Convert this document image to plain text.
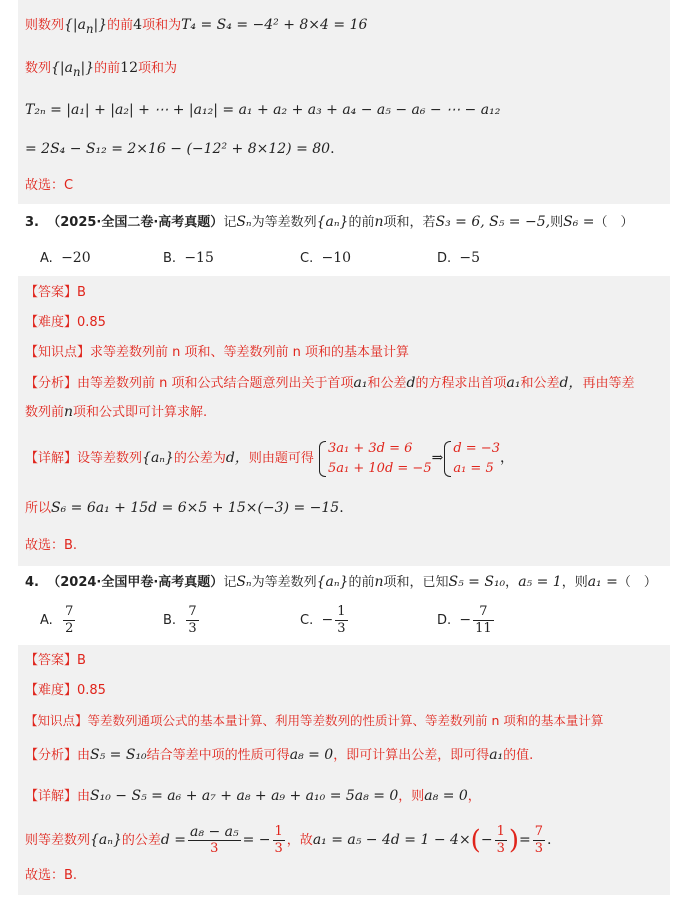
则数列$\{|a_n|\}$的前4项和为T₄ = S₄ = −4² + 8×4 = 16
数列$\{|a_n|\}$的前12项和为
T₂ₙ = |a₁| + |a₂| + ⋯ + |a₁₂| = a₁ + a₂ + a₃ + a₄ − a₅ − a₆ − ⋯ − a₁₂
= 2S₄ − S₁₂ = 2×16 − (−12² + 8×12) = 80.
故选：C
3. （2025·全国二卷·高考真题）记Sₙ为等差数列{aₙ}的前n项和，若S₃ = 6, S₅ = −5,则S₆ =（　）
A. −20	B. −15	C. −10	D. −5
【答案】B
【难度】0.85
【知识点】求等差数列前 n 项和、等差数列前 n 项和的基本量计算
【分析】由等差数列前 n 项和公式结合题意列出关于首项a₁和公差d的方程求出首项a₁和公差d，再由等差
数列前n项和公式即可计算求解.
【详解】设等差数列{aₙ}的公差为d，则由题可得
3a₁ + 3d = 6
5a₁ + 10d = −5
⇒
d = −3
a₁ = 5
，
所以S₆ = 6a₁ + 15d = 6×5 + 15×(−3) = −15.
故选：B.
4. （2024·全国甲卷·高考真题）记Sₙ为等差数列{aₙ}的前n项和，已知S₅ = S₁₀，a₅ = 1，则a₁ =（　）
A. $\frac{7}{2}$	B. $\frac{7}{3}$	C. − $\frac{1}{3}$	D. − $\frac{7}{11}$
【答案】B
【难度】0.85
【知识点】等差数列通项公式的基本量计算、利用等差数列的性质计算、等差数列前 n 项和的基本量计算
【分析】由S₅ = S₁₀结合等差中项的性质可得a₈ = 0，即可计算出公差，即可得a₁的值.
【详解】由S₁₀ − S₅ = a₆ + a₇ + a₈ + a₉ + a₁₀ = 5a₈ = 0，则a₈ = 0，
则等差数列{aₙ}的公差$d = \frac{\text{a₈ − a₅}}{3}$ = − $\frac{1}{3}$ ，故$a_1 = a_5 - 4d = 1 - 4\times(- \frac{1}{3}$ )= $\frac{7}{3}$ .
故选：B.
